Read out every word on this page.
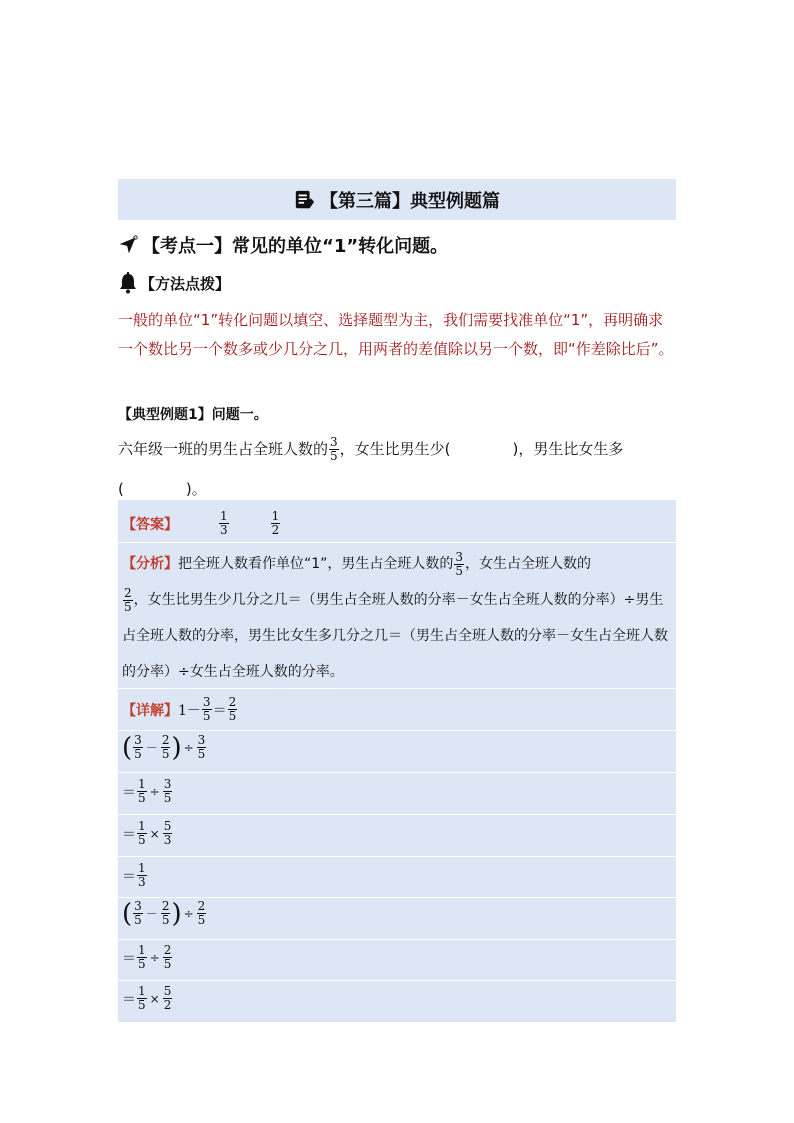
【第三篇】典型例题篇
【考点一】常见的单位“1”转化问题。
【方法点拨】
一般的单位“1”转化问题以填空、选择题型为主，我们需要找准单位“1”，再明确求一个数比另一个数多或少几分之几，用两者的差值除以另一个数，即“作差除比后”。
【典型例题1】问题一。
六年级一班的男生占全班人数的 $\frac{3}{5}$ ，女生比男生少(	)，男生比女生多
(	)。
【答案】	$\frac{1}{3}$	$\frac{1}{2}$
【分析】把全班人数看作单位“1”，男生占全班人数的 $\frac{3}{5}$ ，女生占全班人数的

$\frac{2}{5}$ ，女生比男生少几分之几＝（男生占全班人数的分率－女生占全班人数的分率）÷男生占全班人数的分率，男生比女生多几分之几＝（男生占全班人数的分率－女生占全班人数的分率）÷女生占全班人数的分率。
【详解】 $1- \frac{3}{5} = \frac{2}{5}$
( $\frac{3}{5} - \frac{2}{5}$ ) ÷ $\frac{3}{5}$
＝ $\frac{1}{5} \div \frac{3}{5}$
＝ $\frac{1}{5} \times \frac{5}{3}$
＝ $\frac{1}{3}$
( $\frac{3}{5} - \frac{2}{5}$ ) ÷ $\frac{2}{5}$
＝ $\frac{1}{5} \div \frac{2}{5}$
＝ $\frac{1}{5} \times \frac{5}{2}$
